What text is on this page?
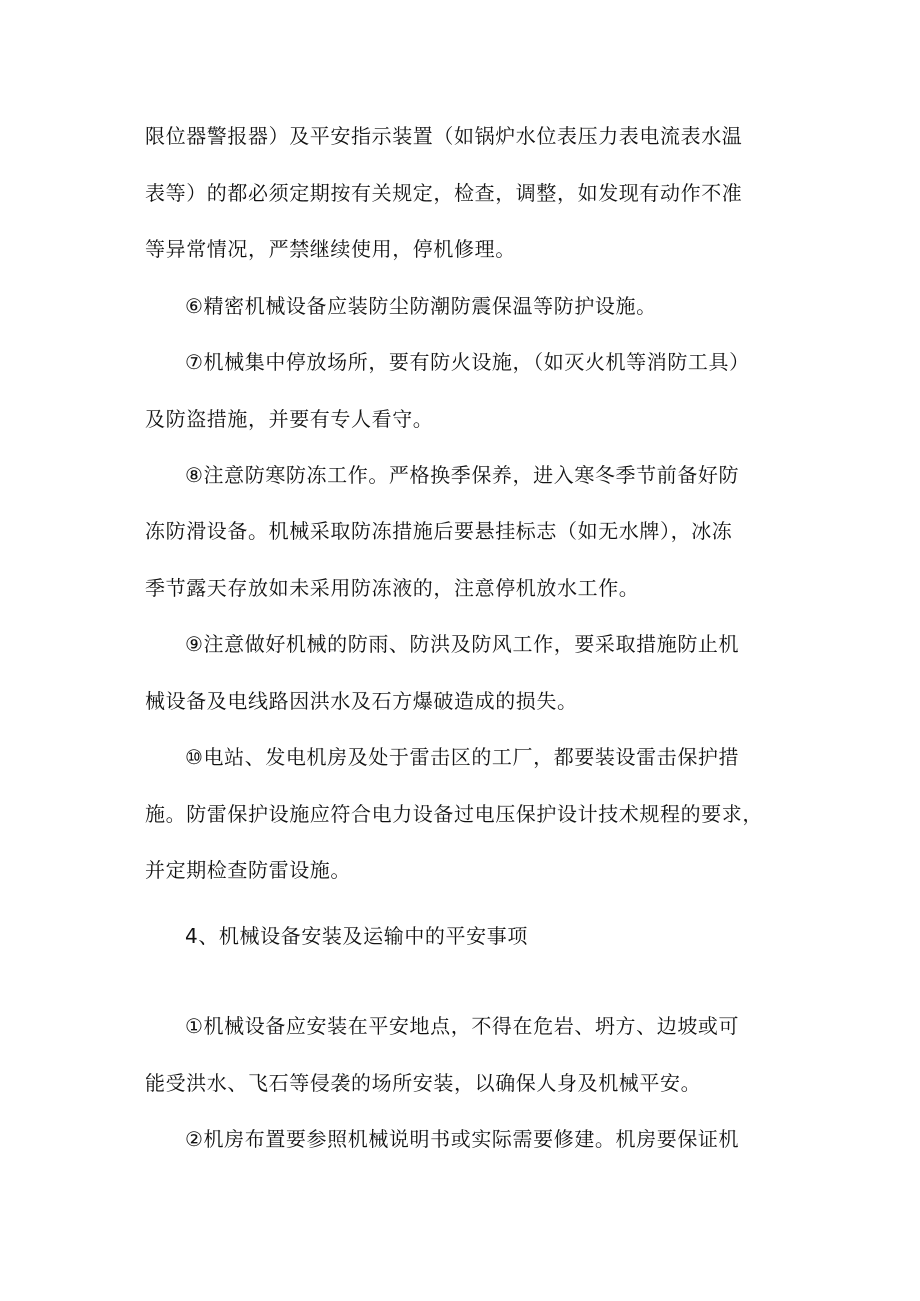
限位器警报器）及平安指示装置（如锅炉水位表压力表电流表水温
表等）的都必须定期按有关规定，检查，调整，如发现有动作不准
等异常情况，严禁继续使用，停机修理。
⑥精密机械设备应装防尘防潮防震保温等防护设施。
⑦机械集中停放场所，要有防火设施，（如灭火机等消防工具）
及防盗措施，并要有专人看守。
⑧注意防寒防冻工作。严格换季保养，进入寒冬季节前备好防
冻防滑设备。机械采取防冻措施后要悬挂标志（如无水牌），冰冻
季节露天存放如未采用防冻液的，注意停机放水工作。
⑨注意做好机械的防雨、防洪及防风工作，要采取措施防止机
械设备及电线路因洪水及石方爆破造成的损失。
⑩电站、发电机房及处于雷击区的工厂，都要装设雷击保护措
施。防雷保护设施应符合电力设备过电压保护设计技术规程的要求，
并定期检查防雷设施。
4、机械设备安装及运输中的平安事项
①机械设备应安装在平安地点，不得在危岩、坍方、边坡或可
能受洪水、飞石等侵袭的场所安装，以确保人身及机械平安。
②机房布置要参照机械说明书或实际需要修建。机房要保证机
